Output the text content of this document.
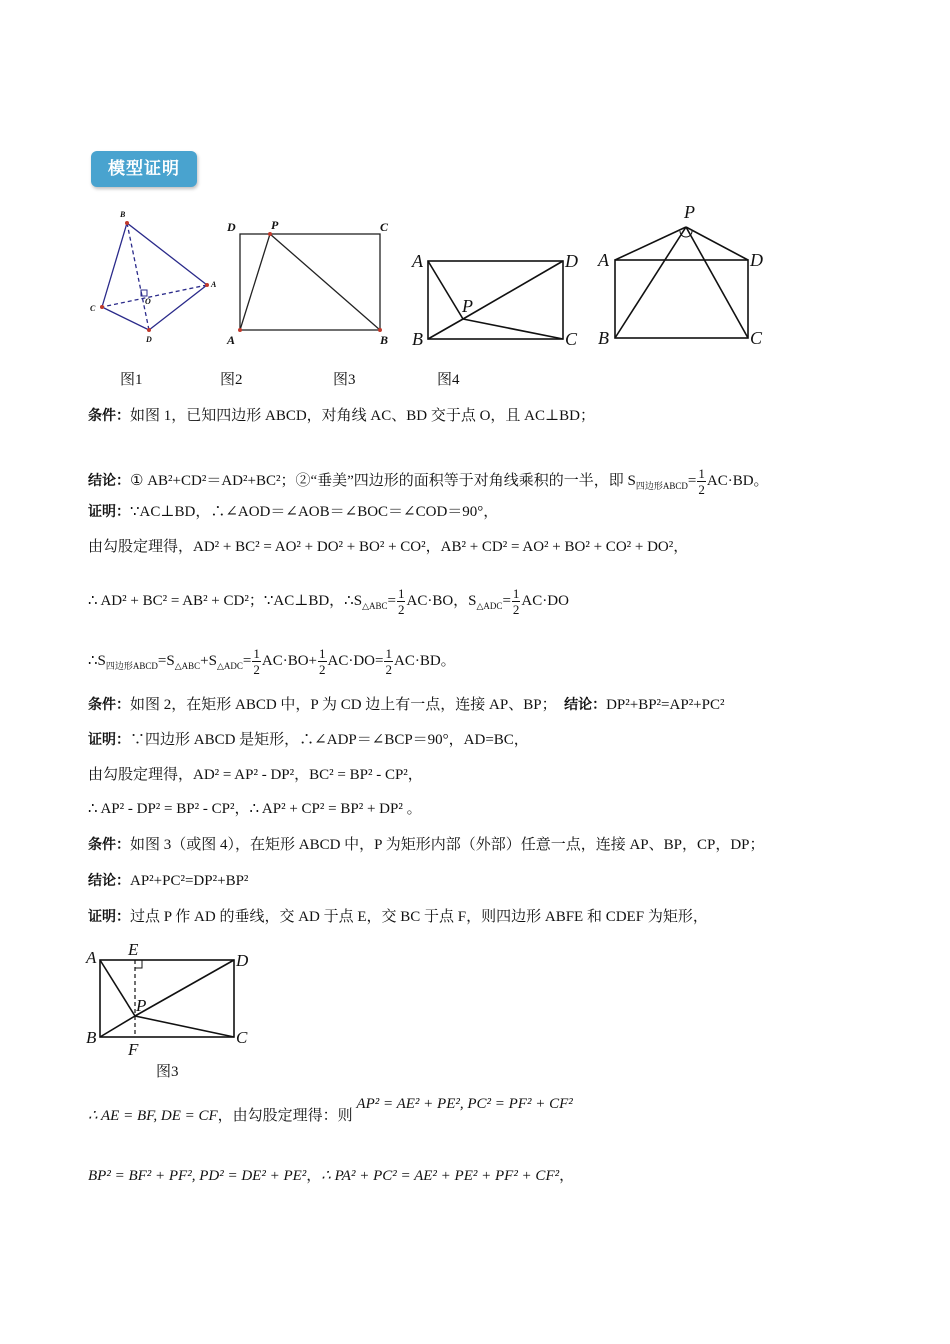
模型证明
B
A
C
D
O
D	P	C
A	B
A	D
P
B	C
P
A	D
B	C
图1	图2	图3	图4
条件：如图 1，已知四边形 ABCD，对角线 AC、BD 交于点 O，且 AC⊥BD；
结论：① AB²+CD²＝AD²+BC²；②“垂美”四边形的面积等于对角线乘积的一半，即 $S_{四边形ABCD}= \frac{1}{2} AC\cdot BD$。
证明：∵AC⊥BD，∴∠AOD＝∠AOB＝∠BOC＝∠COD＝90°，
由勾股定理得，AD² + BC² = AO² + DO² + BO² + CO²，AB² + CD² = AO² + BO² + CO² + DO²，
∴ AD² + BC² = AB² + CD²；∵AC⊥BD，$\therefore S_{\triangle ABC}= \frac{1}{2} AC\cdot BO$，$S_{\triangle ADC}= \frac{1}{2} AC\cdot DO$
$\therefore S_{四边形ABCD}=S_{\triangle ABC}+S_{\triangle ADC}= \frac{1}{2} AC\cdot BO+ \frac{1}{2} AC\cdot DO= \frac{1}{2} AC\cdot BD$。
条件：如图 2，在矩形 ABCD 中，P 为 CD 边上有一点，连接 AP、BP； 结论：DP²+BP²=AP²+PC²
证明：∵四边形 ABCD 是矩形，∴∠ADP＝∠BCP＝90°，AD=BC，
由勾股定理得，AD² = AP² - DP²，BC² = BP² - CP²，
∴ AP² - DP² = BP² - CP²，∴ AP² + CP² = BP² + DP² 。
条件：如图 3（或图 4），在矩形 ABCD 中，P 为矩形内部（外部）任意一点，连接 AP、BP，CP，DP；
结论：AP²+PC²=DP²+BP²
证明：过点 P 作 AD 的垂线，交 AD 于点 E，交 BC 于点 F，则四边形 ABFE 和 CDEF 为矩形，
A E
D
P
B
F
C
图3
∴ AE = BF, DE = CF，由勾股定理得：则 AP² = AE² + PE², PC² = PF² + CF²
BP² = BF² + PF², PD² = DE² + PE²，∴ PA² + PC² = AE² + PE² + PF² + CF²，
